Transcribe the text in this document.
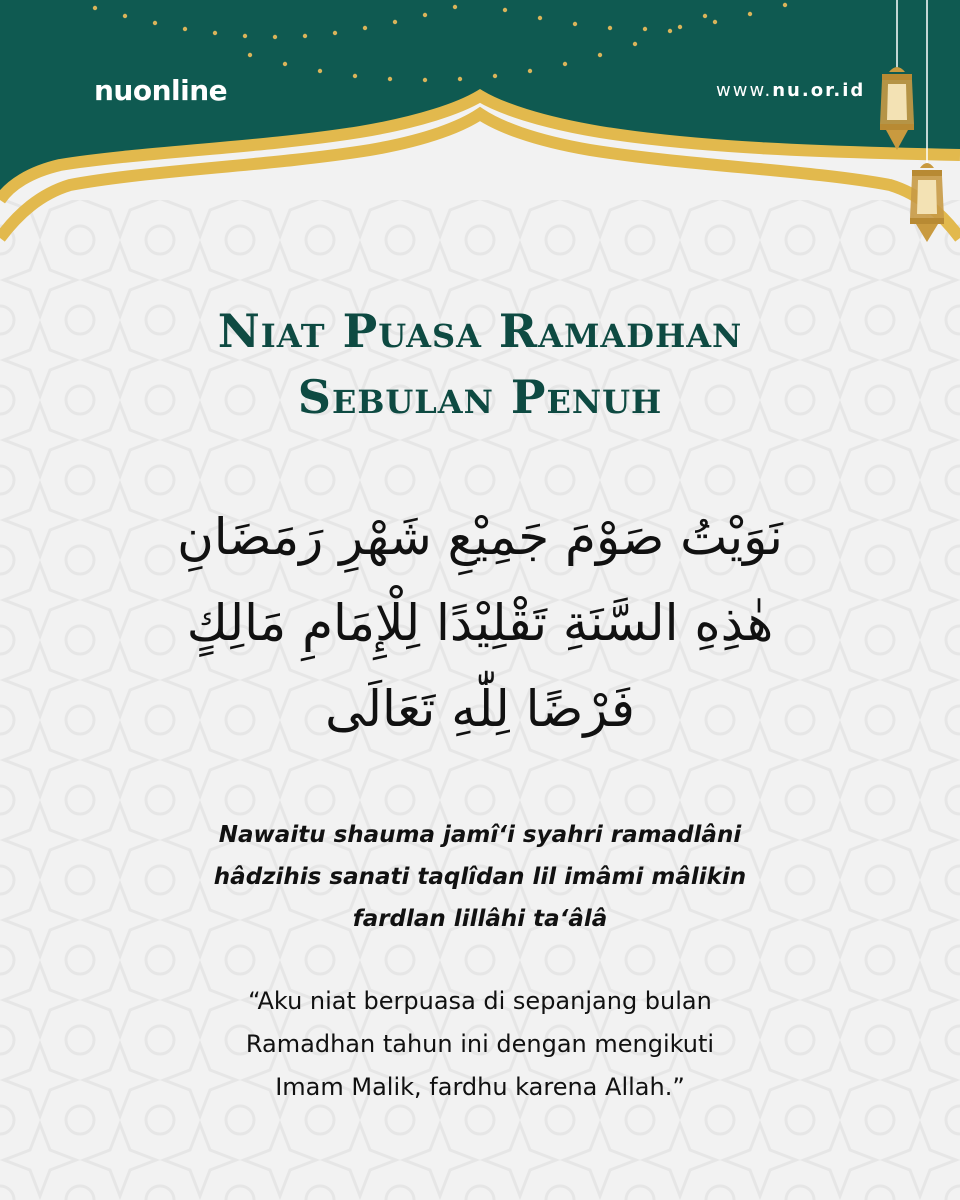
nuonline	www.nu.or.id
Niat Puasa Ramadhan
Sebulan Penuh
نَوَيْتُ صَوْمَ جَمِيْعِ شَهْرِ رَمَضَانِ
هٰذِهِ السَّنَةِ تَقْلِيْدًا لِلْإِمَامِ مَالِكٍ
فَرْضًا لِلّٰهِ تَعَالَى
Nawaitu shauma jamî‘i syahri ramadlâni
hâdzihis sanati taqlîdan lil imâmi mâlikin
fardlan lillâhi ta‘âlâ
“Aku niat berpuasa di sepanjang bulan
Ramadhan tahun ini dengan mengikuti
Imam Malik, fardhu karena Allah.”
